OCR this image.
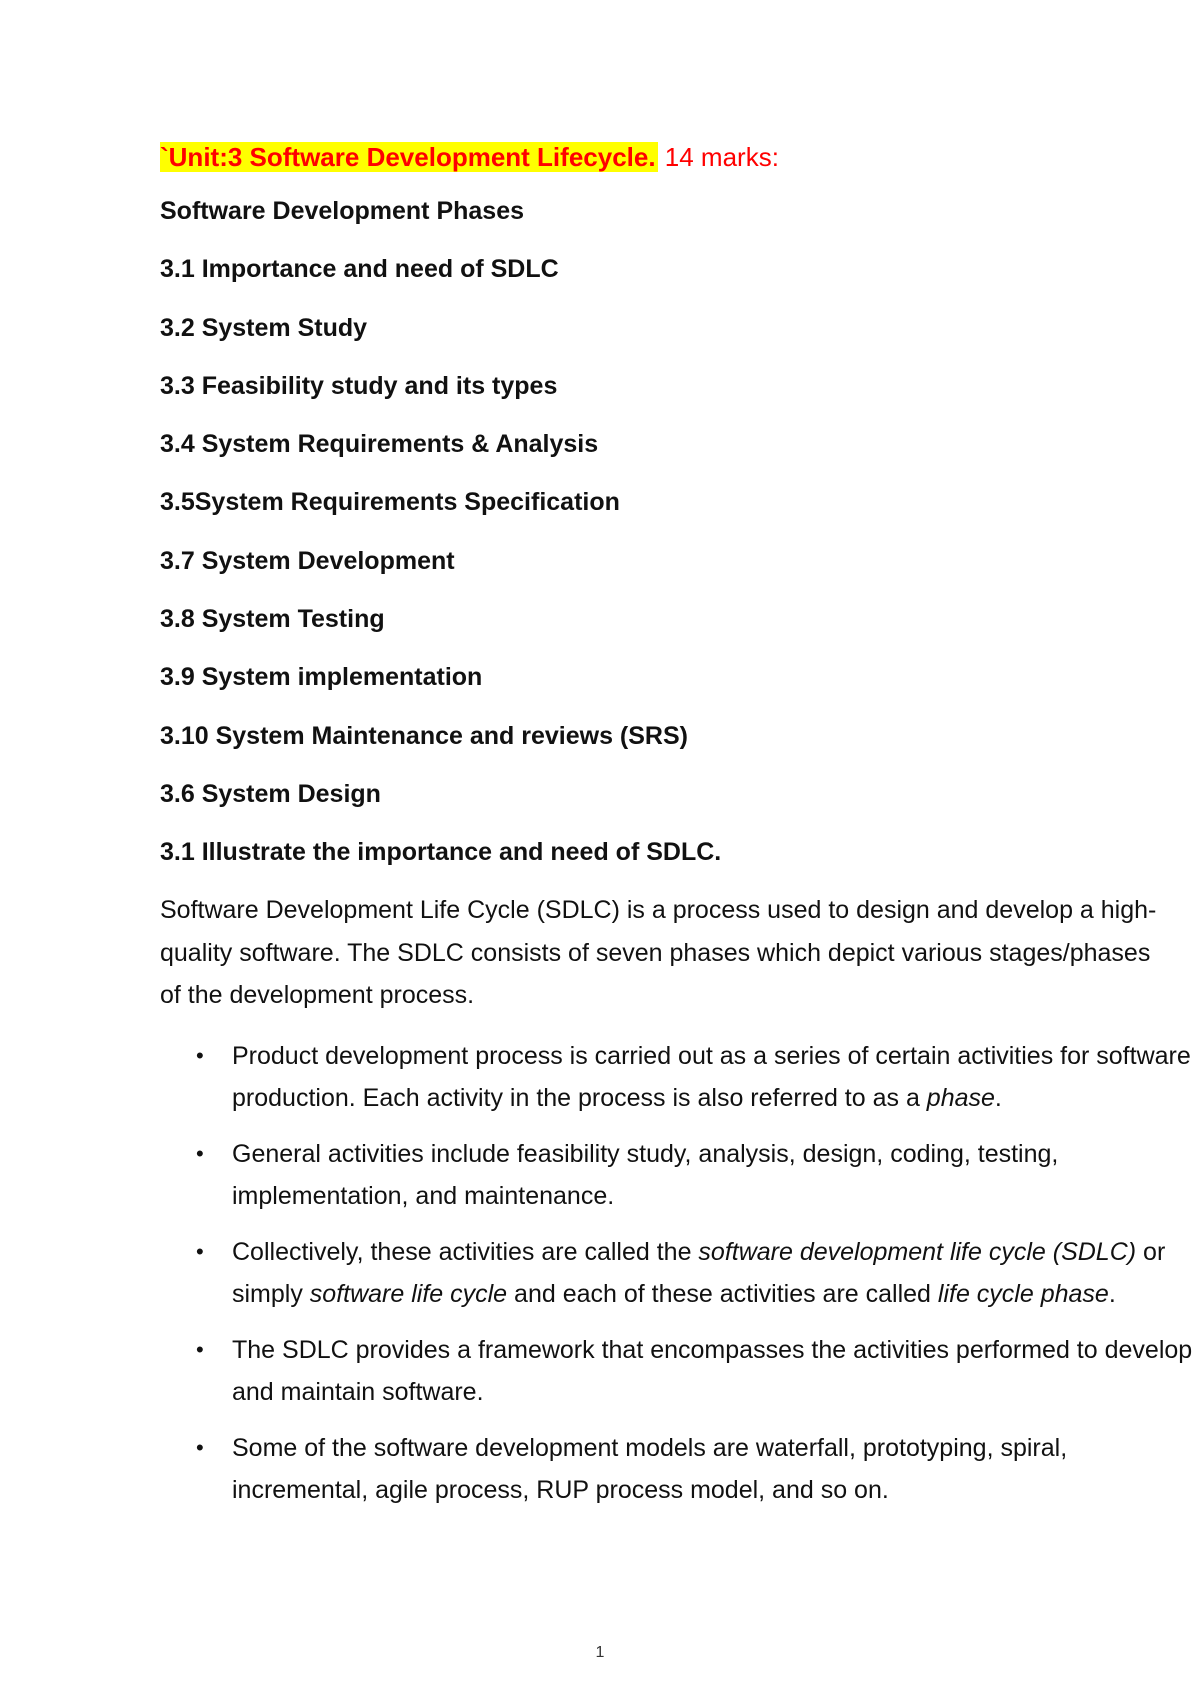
`Unit:3 Software Development Lifecycle. 14 marks:
Software Development Phases
3.1 Importance and need of SDLC
3.2 System Study
3.3 Feasibility study and its types
3.4 System Requirements & Analysis
3.5System Requirements Specification
3.7 System Development
3.8 System Testing
3.9 System implementation
3.10 System Maintenance and reviews (SRS)
3.6 System Design
3.1 Illustrate the importance and need of SDLC.

Software Development Life Cycle (SDLC) is a process used to design and develop a high-quality software. The SDLC consists of seven phases which depict various stages/phases of the development process.

• Product development process is carried out as a series of certain activities for software production. Each activity in the process is also referred to as a phase.
• General activities include feasibility study, analysis, design, coding, testing, implementation, and maintenance.
• Collectively, these activities are called the software development life cycle (SDLC) or simply software life cycle and each of these activities are called life cycle phase.
• The SDLC provides a framework that encompasses the activities performed to develop and maintain software.
• Some of the software development models are waterfall, prototyping, spiral, incremental, agile process, RUP process model, and so on.
1
